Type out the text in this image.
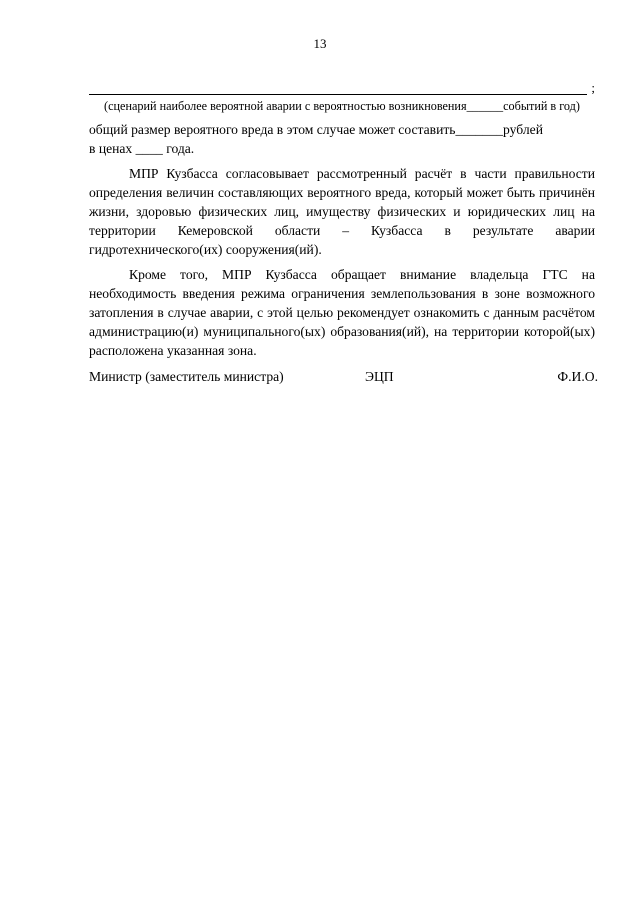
13
;
(сценарий наиболее вероятной аварии с вероятностью возникновения______событий в год)
общий размер вероятного вреда в этом случае может составить_______рублей
в ценах ____ года.

МПР Кузбасса согласовывает рассмотренный расчёт в части правильности определения величин составляющих вероятного вреда, который может быть причинён жизни, здоровью физических лиц, имуществу физических и юридических лиц на территории Кемеровской области – Кузбасса в результате аварии гидротехнического(их) сооружения(ий).

Кроме того, МПР Кузбасса обращает внимание владельца ГТС на необходимость введения режима ограничения землепользования в зоне возможного затопления в случае аварии, с этой целью рекомендует ознакомить с данным расчётом администрацию(и) муниципального(ых) образования(ий), на территории которой(ых) расположена указанная зона.

Министр (заместитель министра)	ЭЦП	Ф.И.О.
